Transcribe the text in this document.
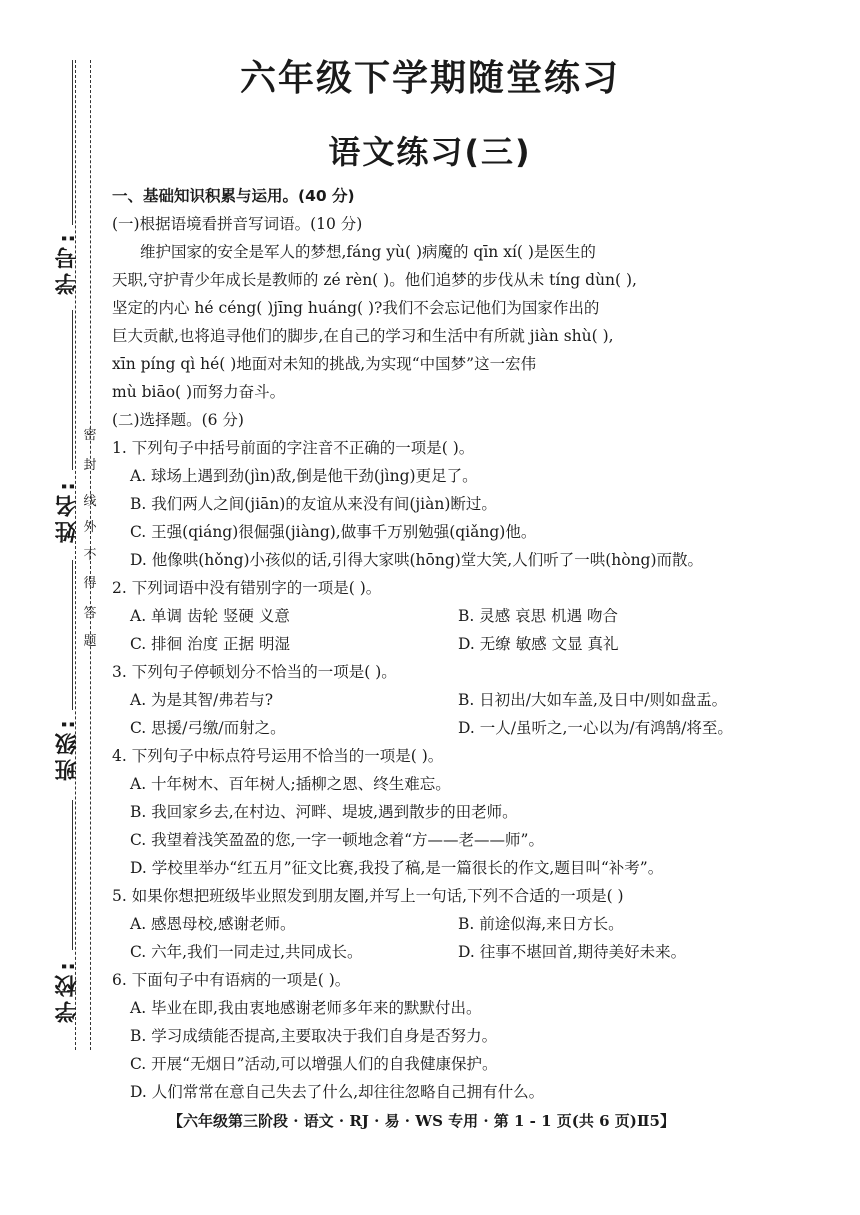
学号:
姓名:
班级:
学校:
密
封
线
外
不
得
答
题
六年级下学期随堂练习
语文练习(三)
一、基础知识积累与运用。(40 分)
(一)根据语境看拼音写词语。(10 分)
维护国家的安全是军人的梦想,fáng yù( )病魔的 qīn xí( )是医生的
天职,守护青少年成长是教师的 zé rèn( )。他们追梦的步伐从未 tíng dùn( ),
坚定的内心 hé céng( )jīng huáng( )?我们不会忘记他们为国家作出的
巨大贡献,也将追寻他们的脚步,在自己的学习和生活中有所就 jiàn shù( ),
xīn píng qì hé( )地面对未知的挑战,为实现“中国梦”这一宏伟
mù biāo( )而努力奋斗。
(二)选择题。(6 分)
1. 下列句子中括号前面的字注音不正确的一项是( )。
A. 球场上遇到劲(jìn)敌,倒是他干劲(jìng)更足了。
B. 我们两人之间(jiān)的友谊从来没有间(jiàn)断过。
C. 王强(qiáng)很倔强(jiàng),做事千万别勉强(qiǎng)他。
D. 他像哄(hǒng)小孩似的话,引得大家哄(hōng)堂大笑,人们听了一哄(hòng)而散。
2. 下列词语中没有错别字的一项是( )。
A. 单调 齿轮 竖硬 义意	B. 灵感 哀思 机遇 吻合
C. 排徊 治度 正据 明湿	D. 无缭 敏感 文显 真礼
3. 下列句子停顿划分不恰当的一项是( )。
A. 为是其智/弗若与?	B. 日初出/大如车盖,及日中/则如盘盂。
C. 思援/弓缴/而射之。	D. 一人/虽听之,一心以为/有鸿鹄/将至。
4. 下列句子中标点符号运用不恰当的一项是( )。
A. 十年树木、百年树人;插柳之恩、终生难忘。
B. 我回家乡去,在村边、河畔、堤坡,遇到散步的田老师。
C. 我望着浅笑盈盈的您,一字一顿地念着“方——老——师”。
D. 学校里举办“红五月”征文比赛,我投了稿,是一篇很长的作文,题目叫“补考”。
5. 如果你想把班级毕业照发到朋友圈,并写上一句话,下列不合适的一项是( )
A. 感恩母校,感谢老师。	B. 前途似海,来日方长。
C. 六年,我们一同走过,共同成长。	D. 往事不堪回首,期待美好未来。
6. 下面句子中有语病的一项是( )。
A. 毕业在即,我由衷地感谢老师多年来的默默付出。
B. 学习成绩能否提高,主要取决于我们自身是否努力。
C. 开展“无烟日”活动,可以增强人们的自我健康保护。
D. 人们常常在意自己失去了什么,却往往忽略自己拥有什么。
【六年级第三阶段 · 语文 · RJ · 易 · WS 专用 · 第 1 - 1 页(共 6 页)Ⅱ5】
